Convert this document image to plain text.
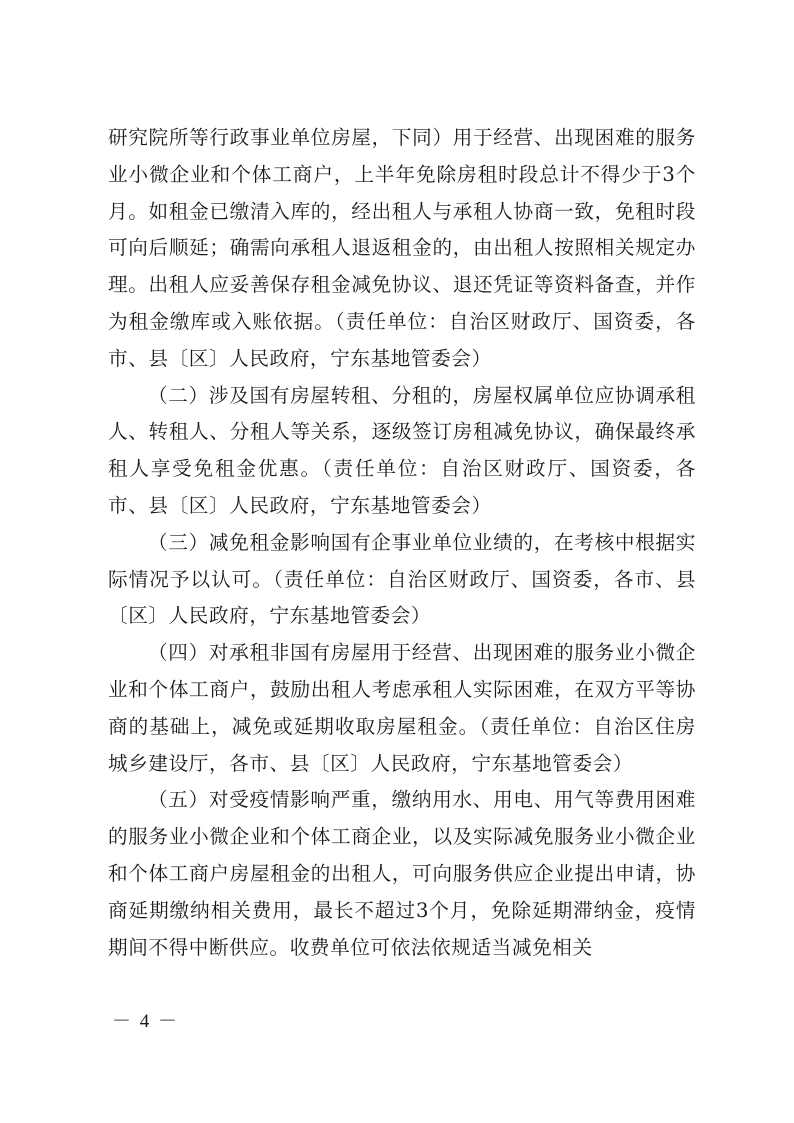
研究院所等行政事业单位房屋，下同）用于经营、出现困难的服务业小微企业和个体工商户，上半年免除房租时段总计不得少于3个月。如租金已缴清入库的，经出租人与承租人协商一致，免租时段可向后顺延；确需向承租人退返租金的，由出租人按照相关规定办理。出租人应妥善保存租金减免协议、退还凭证等资料备查，并作为租金缴库或入账依据。（责任单位：自治区财政厅、国资委，各市、县〔区〕人民政府，宁东基地管委会）

（二）涉及国有房屋转租、分租的，房屋权属单位应协调承租人、转租人、分租人等关系，逐级签订房租减免协议，确保最终承租人享受免租金优惠。（责任单位：自治区财政厅、国资委，各市、县〔区〕人民政府，宁东基地管委会）

（三）减免租金影响国有企事业单位业绩的，在考核中根据实际情况予以认可。（责任单位：自治区财政厅、国资委，各市、县〔区〕人民政府，宁东基地管委会）

（四）对承租非国有房屋用于经营、出现困难的服务业小微企业和个体工商户，鼓励出租人考虑承租人实际困难，在双方平等协商的基础上，减免或延期收取房屋租金。（责任单位：自治区住房城乡建设厅，各市、县〔区〕人民政府，宁东基地管委会）

（五）对受疫情影响严重，缴纳用水、用电、用气等费用困难的服务业小微企业和个体工商企业，以及实际减免服务业小微企业和个体工商户房屋租金的出租人，可向服务供应企业提出申请，协商延期缴纳相关费用，最长不超过3个月，免除延期滞纳金，疫情期间不得中断供应。收费单位可依法依规适当减免相关

－ 4 －
